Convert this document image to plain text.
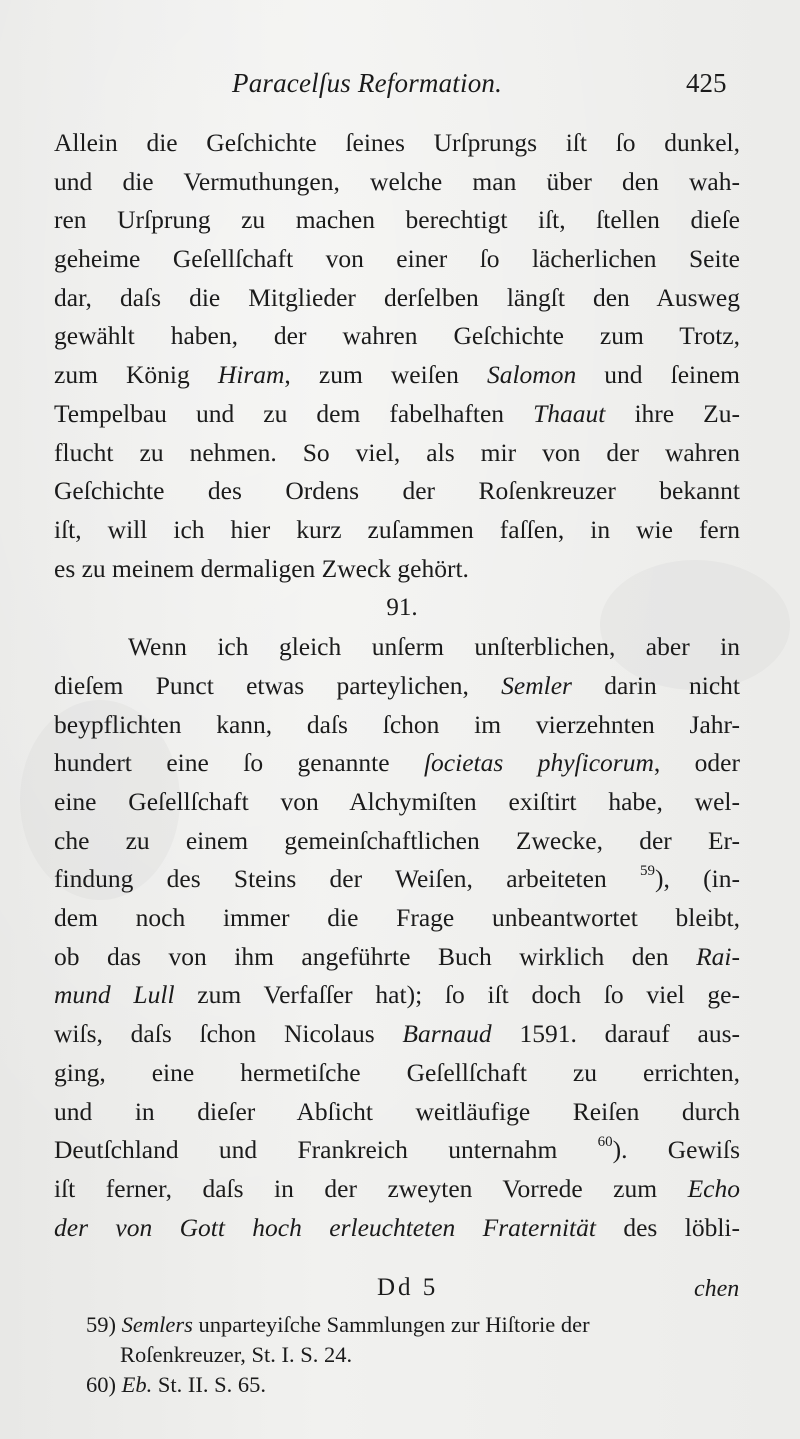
Paracelſus Reformation.	425
Allein die Geſchichte ſeines Urſprungs iſt ſo dunkel,
und die Vermuthungen, welche man über den wah-
ren Urſprung zu machen berechtigt iſt, ſtellen dieſe
geheime Geſellſchaft von einer ſo lächerlichen Seite
dar, daſs die Mitglieder derſelben längſt den Ausweg
gewählt haben, der wahren Geſchichte zum Trotz,
zum König Hiram, zum weiſen Salomon und ſeinem
Tempelbau und zu dem fabelhaften Thaaut ihre Zu-
flucht zu nehmen. So viel, als mir von der wahren
Geſchichte des Ordens der Roſenkreuzer bekannt
iſt, will ich hier kurz zuſammen faſſen, in wie fern
es zu meinem dermaligen Zweck gehört.
91.
Wenn ich gleich unſerm unſterblichen, aber in
dieſem Punct etwas parteylichen, Semler darin nicht
beypflichten kann, daſs ſchon im vierzehnten Jahr-
hundert eine ſo genannte ſocietas phyſicorum, oder
eine Geſellſchaft von Alchymiſten exiſtirt habe, wel-
che zu einem gemeinſchaftlichen Zwecke, der Er-
findung des Steins der Weiſen, arbeiteten $^{59}$), (in-
dem noch immer die Frage unbeantwortet bleibt,
ob das von ihm angeführte Buch wirklich den Rai-
mund Lull zum Verfaſſer hat); ſo iſt doch ſo viel ge-
wiſs, daſs ſchon Nicolaus Barnaud 1591. darauf aus-
ging, eine hermetiſche Geſellſchaft zu errichten,
und in dieſer Abſicht weitläufige Reiſen durch
Deutſchland und Frankreich unternahm $^{60}$). Gewiſs
iſt ferner, daſs in der zweyten Vorrede zum Echo
der von Gott hoch erleuchteten Fraternität des löbli-
Dd 5	chen
59) Semlers unparteyiſche Sammlungen zur Hiſtorie der
Roſenkreuzer, St. I. S. 24.
60) Eb. St. II. S. 65.
